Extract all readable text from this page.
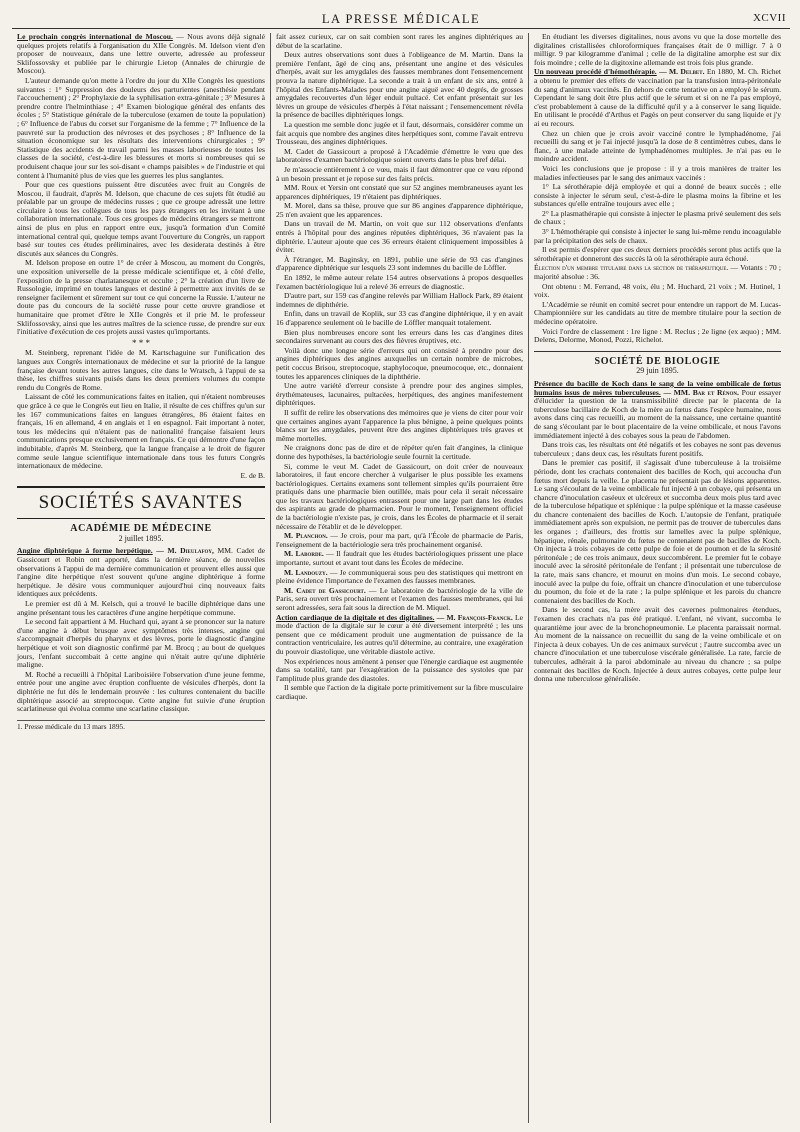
LA PRESSE MÉDICALE	XCVII

Le prochain congrès international de Moscou. — Nous avons déjà signalé quelques projets relatifs à l'organisation du XIIe Congrès. M. Idelson vient d'en proposer de nouveaux, dans une lettre ouverte, adressée au professeur Sklifossovsky et publiée par le chirurgie Lietop (Annales de chirurgie de Moscou).

L'auteur demande qu'on mette à l'ordre du jour du XIIe Congrès les questions suivantes : 1° Suppression des douleurs des parturientes (anesthésie pendant l'accouchement) ; 2° Prophylaxie de la syphilisation extra-génitale ; 3° Mesures à prendre contre l'helminthiase ; 4° Examen biologique général des enfants des écoles ; 5° Statistique générale de la tuberculose (examen de toute la population) ; 6° Influence de l'abus du corset sur l'organisme de la femme ; 7° Influence de la pauvreté sur la production des névroses et des psychoses ; 8° Influence de la situation économique sur les résultats des interventions chirurgicales ; 9° Statistique des accidents de travail parmi les masses laborieuses de toutes les classes de la société, c'est-à-dire les blessures et morts si nombreuses qui se produisent chaque jour sur les soi-disant « champs paisibles » de l'industrie et qui content à l'humanité plus de vies que les guerres les plus sanglantes.

Pour que ces questions puissent être discutées avec fruit au Congrès de Moscou, il faudrait, d'après M. Idelson, que chacune de ces sujets fût étudié au préalable par un groupe de médecins russes ; que ce groupe adressât une lettre circulaire à tous les collègues de tous les pays étrangers en les invitant à une collaboration internationale. Tous ces groupes de médecins étrangers se mettront ainsi de plus en plus en rapport entre eux, jusqu'à formation d'un Comité international central qui, quelque temps avant l'ouverture du Congrès, un rapport basé sur toutes ces études préliminaires, avec les desiderata destinés à être discutés aux séances du Congrès.

M. Idelson propose en outre 1° de créer à Moscou, au moment du Congrès, une exposition universelle de la presse médicale scientifique et, à côté d'elle, l'exposition de la presse charlatanesque et occulte ; 2° la création d'un livre de Russologie, imprimé en toutes langues et destiné à permettre aux invités de se renseigner facilement et sûrement sur tout ce qui concerne la Russie. L'auteur ne doute pas du concours de la société russe pour cette œuvre grandiose et humanitaire que promet d'être le XIIe Congrès et il prie M. le professeur Sklifossovsky, ainsi que les autres maîtres de la science russe, de prendre sur eux l'initiative d'exécution de ces projets aussi vastes qu'importants.

* * *

M. Steinberg, reprenant l'idée de M. Kartschaguine sur l'unification des langues aux Congrès internationaux de médecine et sur la priorité de la langue française devant toutes les autres langues, cite dans le Wratsch, à l'appui de sa thèse, les chiffres suivants puisés dans les deux premiers volumes du compte rendu du Congrès de Rome.

Laissant de côté les communications faites en italien, qui n'étaient nombreuses que grâce à ce que le Congrès eut lieu en Italie, il résulte de ces chiffres qu'un sur les 167 communications faites en langues étrangères, 86 étaient faites en français, 16 en allemand, 4 en anglais et 1 en espagnol. Fait important à noter, tous les médecins qui n'étaient pas de nationalité française faisaient leurs communications presque exclusivement en français. Ce qui démontre d'une façon indubitable, d'après M. Steinberg, que la langue française a le droit de figurer comme seule langue scientifique internationale dans tous les futurs Congrès internationaux de médecine.

E. de B.
SOCIÉTÉS SAVANTES
ACADÉMIE DE MÉDECINE
2 juillet 1895.

Angine diphtérique à forme herpétique. — M. Dieulafoy, MM. Cadet de Gassicourt et Robin ont apporté, dans la dernière séance, de nouvelles observations à l'appui de ma dernière communication et prouvent elles aussi que l'angine dite herpétique n'est souvent qu'une angine diphtérique à forme herpétique. Je désire vous communiquer aujourd'hui cinq nouveaux faits identiques aux précédents.

Le premier est dû à M. Kelsch, qui a trouvé le bacille diphtérique dans une angine présentant tous les caractères d'une angine herpétique commune.

Le second fait appartient à M. Huchard qui, ayant à se prononcer sur la nature d'une angine à début brusque avec symptômes très intenses, angine qui s'accompagnait d'herpès du pharynx et des lèvres, porte le diagnostic d'angine herpétique et voit son diagnostic confirmé par M. Brocq ; au bout de quelques jours, l'enfant succombait à cette angine qui n'était autre qu'une diphtérie maligne.

M. Roché a recueilli à l'hôpital Lariboisière l'observation d'une jeune femme, entrée pour une angine avec éruption confluente de vésicules d'herpès, dont la diphtérie ne fut dès le lendemain prouvée : les cultures contenaient du bacille diphtérique associé au streptocoque. Cette angine fut suivie d'une éruption scarlatineuse qui évolua comme une scarlatine classique.

1. Presse médicale du 13 mars 1895.

fait assez curieux, car on sait combien sont rares les angines diphtériques au début de la scarlatine.

Deux autres observations sont dues à l'obligeance de M. Martin. Dans la première l'enfant, âgé de cinq ans, présentant une angine et des vésicules d'herpès, avait sur les amygdales des fausses membranes dont l'ensemencement prouva la nature diphtérique. La seconde a trait à un enfant de six ans, entré à l'hôpital des Enfants-Malades pour une angine aiguë avec 40 degrés, de grosses amygdales recouvertes d'un léger enduit pultacé. Cet enfant présentait sur les lèvres un groupe de vésicules d'herpès à l'état naissant ; l'ensemencement révéla la présence de bacilles diphtériques longs.

La question me semble donc jugée et il faut, désormais, considérer comme un fait acquis que nombre des angines dites herpétiques sont, comme l'avait entrevu Trousseau, des angines diphtériques.

M. Cadet de Gassicourt a proposé à l'Académie d'émettre le vœu que des laboratoires d'examen bactériologique soient ouverts dans le plus bref délai.

Je m'associe entièrement à ce vœu, mais il faut démontrer que ce vœu répond à un besoin pressant et je repose sur des faits précis.

MM. Roux et Yersin ont constaté que sur 52 angines membraneuses ayant les apparences diphtériques, 19 n'étaient pas diphtériques.

M. Morel, dans sa thèse, prouve que sur 86 angines d'apparence diphtérique, 25 n'en avaient que les apparences.

Dans un travail de M. Martin, on voit que sur 112 observations d'enfants entrés à l'hôpital pour des angines réputées diphtériques, 36 n'avaient pas la diphtérie. L'auteur ajoute que ces 36 erreurs étaient cliniquement impossibles à éviter.

À l'étranger, M. Baginsky, en 1891, publie une série de 93 cas d'angines d'apparence diphtérique sur lesquels 23 sont indemnes du bacille de Löffler.

En 1892, le même auteur relate 154 autres observations à propos desquelles l'examen bactériologique lui a relevé 36 erreurs de diagnostic.

D'autre part, sur 159 cas d'angine relevés par William Hallock Park, 89 étaient indemnes de diphthérie.

Enfin, dans un travail de Koplik, sur 33 cas d'angine diphtérique, il y en avait 16 d'apparence seulement où le bacille de Löffler manquait totalement.

Bien plus nombreuses encore sont les erreurs dans les cas d'angines dites secondaires survenant au cours des des fièvres éruptives, etc.

Voilà donc une longue série d'erreurs qui ont consisté à prendre pour des angines diphtériques des angines auxquelles un certain nombre de microbes, petit coccus Brisou, streptocoque, staphylocoque, pneumocoque, etc., donnaient toutes les apparences cliniques de la diphthérie.

Une autre variété d'erreur consiste à prendre pour des angines simples, érythémateuses, lacunaires, pultacées, herpétiques, des angines manifestement diphtériques.

Il suffit de relire les observations des mémoires que je viens de citer pour voir que certaines angines ayant l'apparence la plus bénigne, à peine quelques points blancs sur les amygdales, peuvent être des angines diphtériques très graves et même mortelles.

Ne craignons donc pas de dire et de répéter qu'en fait d'angines, la clinique donne des hypothèses, la bactériologie seule fournit la certitude.

Si, comme le veut M. Cadet de Gassicourt, on doit créer de nouveaux laboratoires, il faut encore chercher à vulgariser le plus possible les examens bactériologiques. Certains examens sont tellement simples qu'ils pourraient être pratiqués dans une pharmacie bien outillée, mais pour cela il serait nécessaire que les travaux bactériologiques entrassent pour une large part dans les études des aspirants au grade de pharmacien. Pour le moment, l'enseignement officiel de la bactériologie n'existe pas, je crois, dans les Écoles de pharmacie et il serait nécessaire de l'établir et de le développer.

M. Planchon. — Je crois, pour ma part, qu'à l'École de pharmacie de Paris, l'enseignement de la bactériologie sera très prochainement organisé.

M. Laborde. — Il faudrait que les études bactériologiques prissent une place importante, surtout et avant tout dans les Écoles de médecine.

M. Landouzy. — Je communiquerai sous peu des statistiques qui mettront en pleine évidence l'importance de l'examen des fausses membranes.

M. Cadet de Gassicourt. — Le laboratoire de bactériologie de la ville de Paris, sera ouvert très prochainement et l'examen des fausses membranes, qui lui seront adressées, sera fait sous la direction de M. Miquel.

Action cardiaque de la digitale et des digitalines. — M. François-Franck. Le mode d'action de la digitale sur le cœur a été diversement interprété ; les uns pensent que ce médicament produit une augmentation de puissance de la contraction ventriculaire, les autres qu'il détermine, au contraire, une exagération du pouvoir diastolique, une véritable diastole active.

Nos expériences nous amènent à penser que l'énergie cardiaque est augmentée dans sa totalité, tant par l'exagération de la puissance des systoles que par l'amplitude plus grande des diastoles.

Il semble que l'action de la digitale porte primitivement sur la fibre musculaire cardiaque.

En étudiant les diverses digitalines, nous avons vu que la dose mortelle des digitalines cristallisées chloroformiques françaises était de 0 milligr. 7 à 0 milligr. 9 par kilogramme d'animal ; celle de la digitaline amorphe est sur dix fois moindre ; celle de la digitoxine allemande est trois fois plus grande.

Un nouveau procédé d'hémothérapie. — M. Delbet. En 1880, M. Ch. Richet a obtenu le premier des effets de vaccination par la transfusion intra-péritonéale du sang d'animaux vaccinés. En dehors de cette tentative on a employé le sérum. Cependant le sang doit être plus actif que le sérum et si on ne l'a pas employé, c'est probablement à cause de la difficulté qu'il y a à conserver le sang liquide. En utilisant le procédé d'Arthus et Pagès on peut conserver du sang liquide et j'y ai eu recours.

Chez un chien que je crois avoir vacciné contre le lymphadénome, j'ai recueilli du sang et je l'ai injecté jusqu'à la dose de 8 centimètres cubes, dans le flanc, à une malade atteinte de lymphadénomes multiples. Je n'ai pas eu le moindre accident.

Voici les conclusions que je propose : il y a trois manières de traiter les maladies infectieuses par le sang des animaux vaccinés :

1° La sérothérapie déjà employée et qui a donné de beaux succès ; elle consiste à injecter le sérum seul, c'est-à-dire le plasma moins la fibrine et les substances qu'elle entraîne toujours avec elle ;

2° La plasmathérapie qui consiste à injecter le plasma privé seulement des sels de chaux ;

3° L'hémothérapie qui consiste à injecter le sang lui-même rendu incoagulable par la précipitation des sels de chaux.

Il est permis d'espérer que ces deux derniers procédés seront plus actifs que la sérothérapie et donneront des succès là où la sérothérapie aura échoué.

Élection d'un membre titulaire dans la section de thérapeutique. — Votants : 70 ; majorité absolue : 36.

Ont obtenu : M. Ferrand, 48 voix, élu ; M. Huchard, 21 voix ; M. Hutinel, 1 voix.

L'Académie se réunit en comité secret pour entendre un rapport de M. Lucas-Championnière sur les candidats au titre de membre titulaire pour la section de médecine opératoire.

Voici l'ordre de classement : 1re ligne : M. Reclus ; 2e ligne (ex æquo) ; MM. Delens, Delorme, Monod, Pozzi, Richelot.

SOCIÉTÉ DE BIOLOGIE
29 juin 1895.

Présence du bacille de Koch dans le sang de la veine ombilicale de fœtus humains issus de mères tuberculeuses. — MM. Bar et Rénon. Pour essayer d'élucider la question de la transmissibilité directe par le placenta de la tuberculose bacillaire de Koch de la mère au fœtus dans l'espèce humaine, nous avons dans cinq cas recueilli, au moment de la naissance, une certaine quantité de sang s'écoulant par le bout placentaire de la veine ombilicale, et nous l'avons immédiatement injecté à des cobayes sous la peau de l'abdomen.

Dans trois cas, les résultats ont été négatifs et les cobayes ne sont pas devenus tuberculeux ; dans deux cas, les résultats furent positifs.

Dans le premier cas positif, il s'agissait d'une tuberculeuse à la troisième période, dont les crachats contenaient des bacilles de Koch, qui accoucha d'un fœtus mort depuis la veille. Le placenta ne présentait pas de lésions apparentes. Le sang s'écoulant de la veine ombilicale fut injecté à un cobaye, qui présenta un chancre d'inoculation caséeux et ulcéreux et succomba deux mois plus tard avec de la tuberculose hépatique et splénique : la pulpe splénique et la masse caséeuse du chancre contenaient des bacilles de Koch. L'autopsie de l'enfant, pratiquée immédiatement après son expulsion, ne permit pas de trouver de tubercules dans les organes ; d'ailleurs, des frottis sur lamelles avec la pulpe splénique, hépatique, rénale, pulmonaire du fœtus ne contenaient pas de bacilles de Koch. On injecta à trois cobayes de cette pulpe de foie et de poumon et de la sérosité péritonéale ; de ces trois animaux, deux succombèrent. Le premier fut le cobaye inoculé avec la sérosité péritonéale de l'enfant ; il présentait une tuberculose de la rate, mais sans chancre, et mourut en moins d'un mois. Le second cobaye, inoculé avec la pulpe du foie, offrait un chancre d'inoculation et une tuberculose du poumon, du foie et de la rate ; la pulpe splénique et les parois du chancre contenaient des bacilles de Koch.

Dans le second cas, la mère avait des cavernes pulmonaires étendues, l'examen des crachats n'a pas été pratiqué. L'enfant, né vivant, succomba le quarantième jour avec de la bronchopneumonie. Le placenta paraissait normal. Au moment de la naissance on recueillit du sang de la veine ombilicale et on l'injecta à deux cobayes. Un de ces animaux survécut ; l'autre succomba avec un chancre d'inoculation et une tuberculose viscérale généralisée. La rate, farcie de tubercules, adhérait à la paroi abdominale au niveau du chancre ; sa pulpe contenait des bacilles de Koch. Injectée à deux autres cobayes, cette pulpe leur donna une tuberculose généralisée.
